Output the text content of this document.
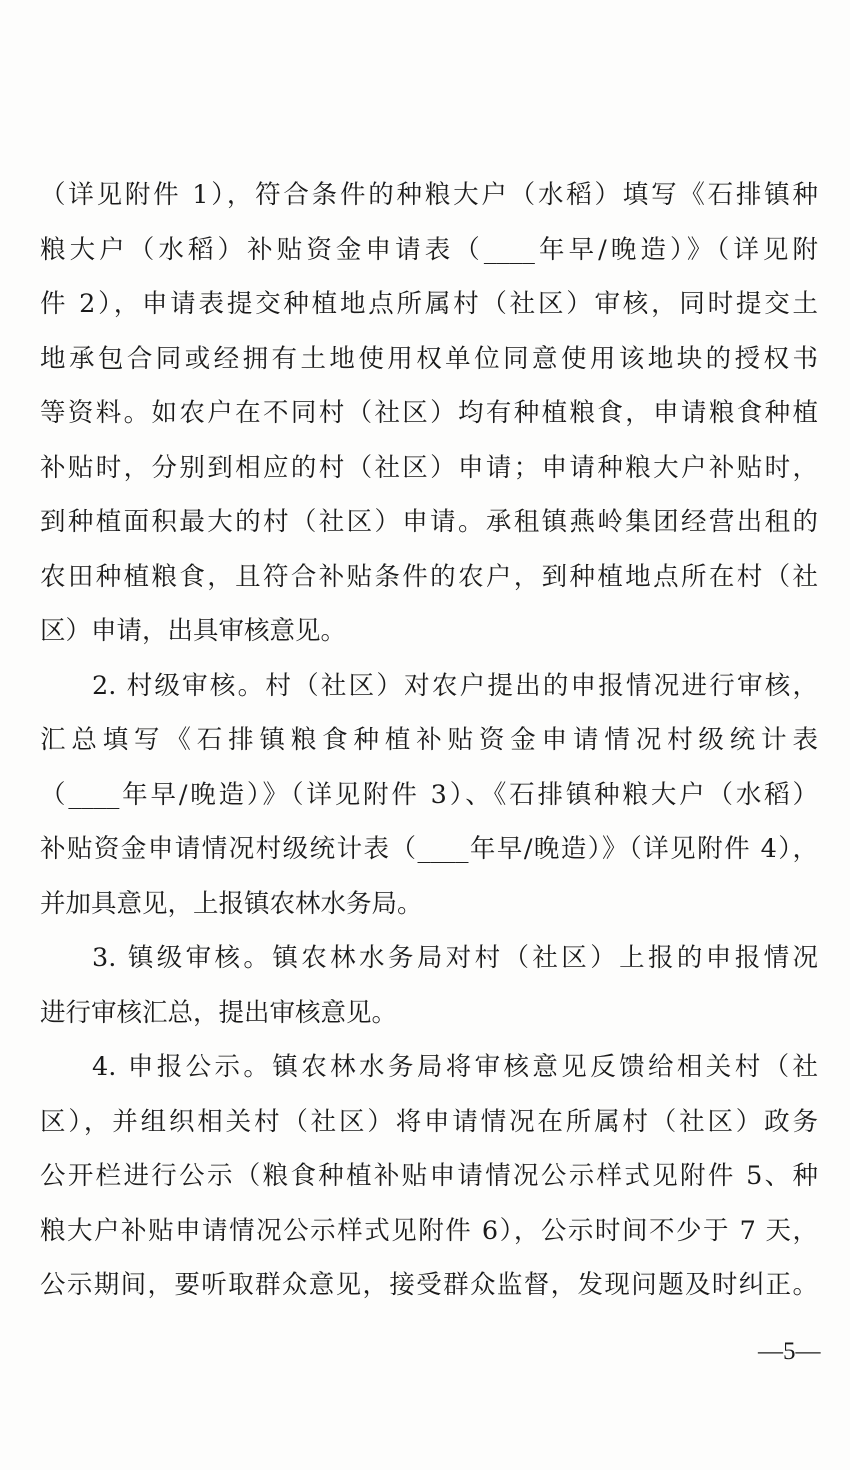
（详见附件 1），符合条件的种粮大户（水稻）填写《石排镇种

粮大户（水稻）补贴资金申请表（____年早/晚造）》（详见附

件 2），申请表提交种植地点所属村（社区）审核，同时提交土

地承包合同或经拥有土地使用权单位同意使用该地块的授权书

等资料。如农户在不同村（社区）均有种植粮食，申请粮食种植

补贴时，分别到相应的村（社区）申请；申请种粮大户补贴时，

到种植面积最大的村（社区）申请。承租镇燕岭集团经营出租的

农田种植粮食，且符合补贴条件的农户，到种植地点所在村（社

区）申请，出具审核意见。

2. 村级审核。村（社区）对农户提出的申报情况进行审核，

汇总填写《石排镇粮食种植补贴资金申请情况村级统计表

（____年早/晚造）》（详见附件 3）、《石排镇种粮大户（水稻）

补贴资金申请情况村级统计表（____年早/晚造）》（详见附件 4），

并加具意见，上报镇农林水务局。

3. 镇级审核。镇农林水务局对村（社区）上报的申报情况

进行审核汇总，提出审核意见。

4. 申报公示。镇农林水务局将审核意见反馈给相关村（社

区），并组织相关村（社区）将申请情况在所属村（社区）政务

公开栏进行公示（粮食种植补贴申请情况公示样式见附件 5、种

粮大户补贴申请情况公示样式见附件 6），公示时间不少于 7 天，

公示期间，要听取群众意见，接受群众监督，发现问题及时纠正。

—5—
